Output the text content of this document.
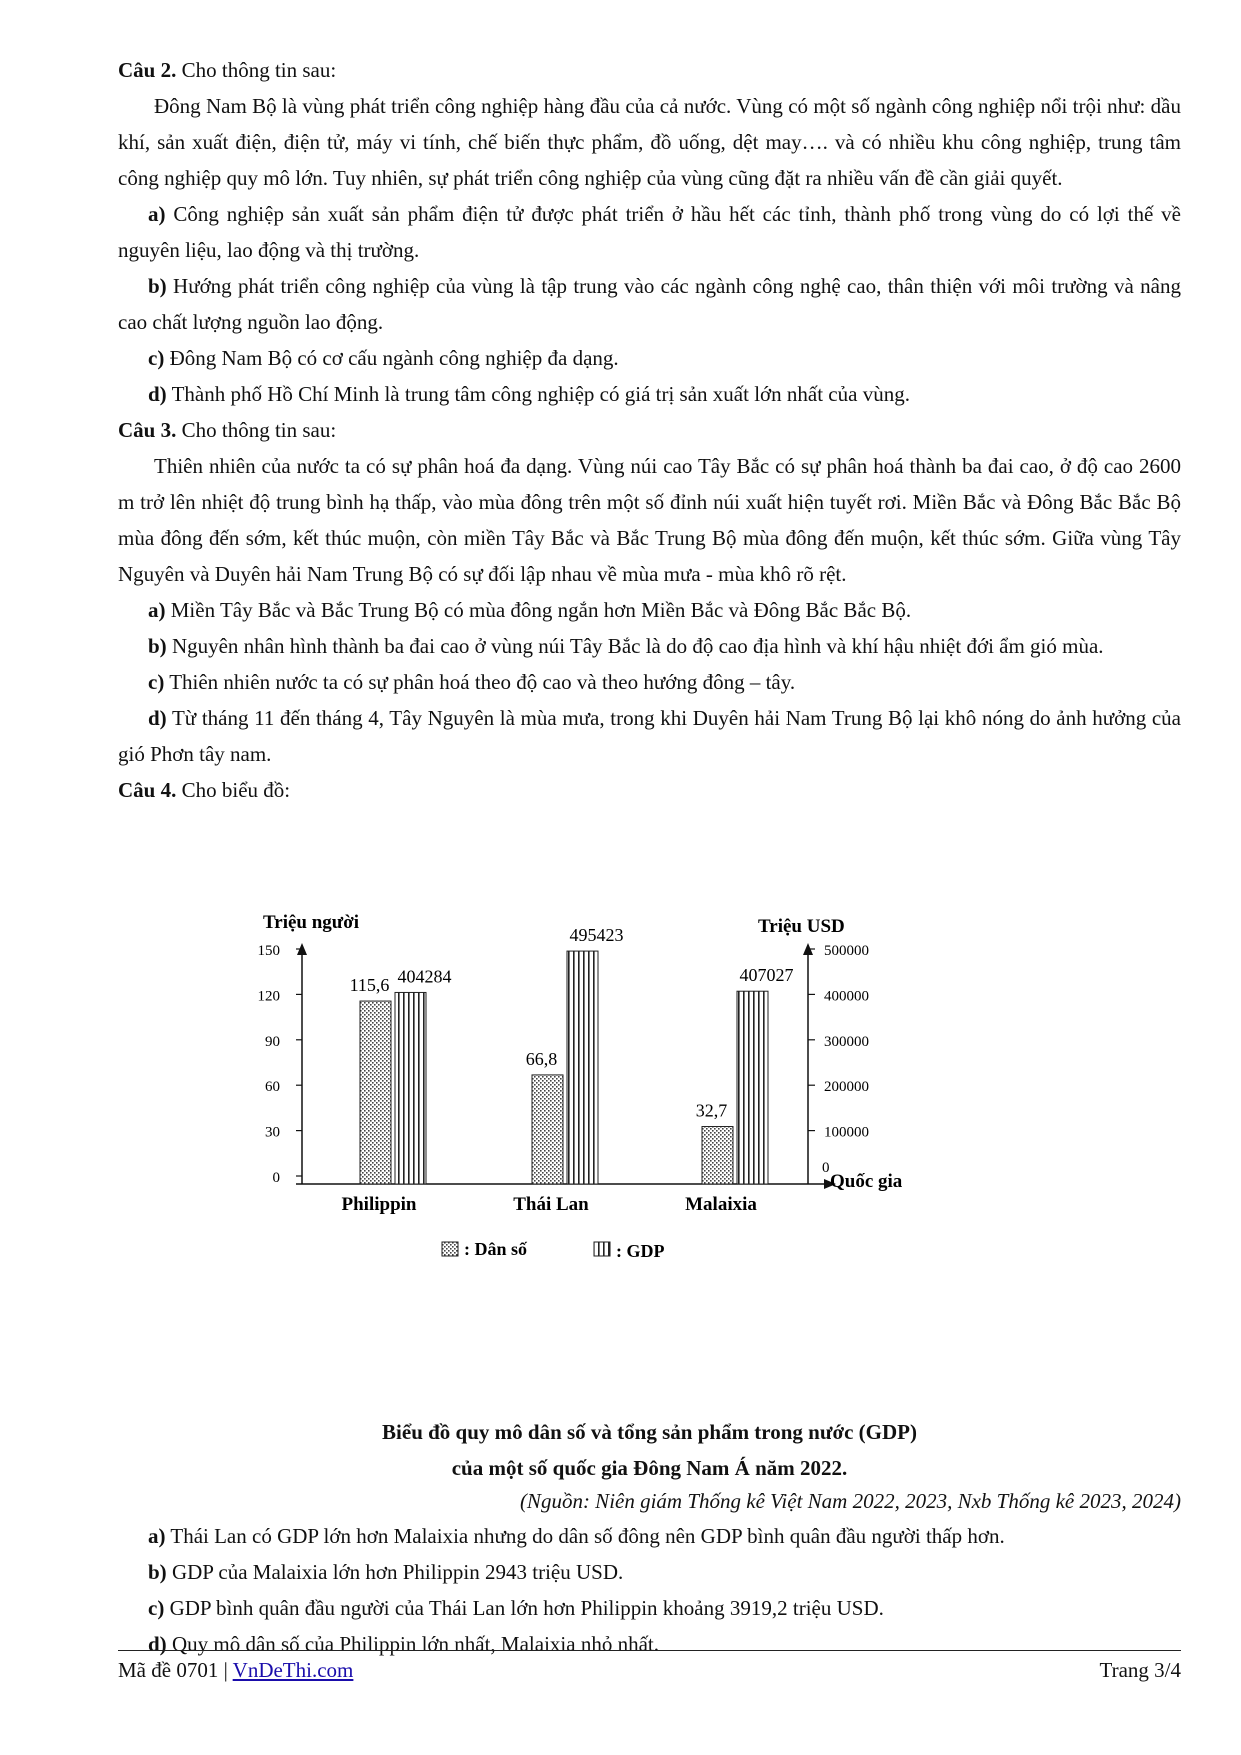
Câu 2. Cho thông tin sau:

Đông Nam Bộ là vùng phát triển công nghiệp hàng đầu của cả nước. Vùng có một số ngành công nghiệp nổi trội như: dầu khí, sản xuất điện, điện tử, máy vi tính, chế biến thực phẩm, đồ uống, dệt may…. và có nhiều khu công nghiệp, trung tâm công nghiệp quy mô lớn. Tuy nhiên, sự phát triển công nghiệp của vùng cũng đặt ra nhiều vấn đề cần giải quyết.

a) Công nghiệp sản xuất sản phẩm điện tử được phát triển ở hầu hết các tỉnh, thành phố trong vùng do có lợi thế về nguyên liệu, lao động và thị trường.

b) Hướng phát triển công nghiệp của vùng là tập trung vào các ngành công nghệ cao, thân thiện với môi trường và nâng cao chất lượng nguồn lao động.

c) Đông Nam Bộ có cơ cấu ngành công nghiệp đa dạng.

d) Thành phố Hồ Chí Minh là trung tâm công nghiệp có giá trị sản xuất lớn nhất của vùng.

Câu 3. Cho thông tin sau:

Thiên nhiên của nước ta có sự phân hoá đa dạng. Vùng núi cao Tây Bắc có sự phân hoá thành ba đai cao, ở độ cao 2600 m trở lên nhiệt độ trung bình hạ thấp, vào mùa đông trên một số đỉnh núi xuất hiện tuyết rơi. Miền Bắc và Đông Bắc Bắc Bộ mùa đông đến sớm, kết thúc muộn, còn miền Tây Bắc và Bắc Trung Bộ mùa đông đến muộn, kết thúc sớm. Giữa vùng Tây Nguyên và Duyên hải Nam Trung Bộ có sự đối lập nhau về mùa mưa - mùa khô rõ rệt.

a) Miền Tây Bắc và Bắc Trung Bộ có mùa đông ngắn hơn Miền Bắc và Đông Bắc Bắc Bộ.

b) Nguyên nhân hình thành ba đai cao ở vùng núi Tây Bắc là do độ cao địa hình và khí hậu nhiệt đới ẩm gió mùa.

c) Thiên nhiên nước ta có sự phân hoá theo độ cao và theo hướng đông – tây.

d) Từ tháng 11 đến tháng 4, Tây Nguyên là mùa mưa, trong khi Duyên hải Nam Trung Bộ lại khô nóng do ảnh hưởng của gió Phơn tây nam.

Câu 4. Cho biểu đồ:

Triệu người	Triệu USD
Quốc gia
0
30
60
90
120
150
0
100000
200000
300000
400000
500000
115,6 404284
Philippin
66,8
495423
Thái Lan
32,7
407027
Malaixia
: Dân số	: GDP

Biểu đồ quy mô dân số và tổng sản phẩm trong nước (GDP)

của một số quốc gia Đông Nam Á năm 2022.

(Nguồn: Niên giám Thống kê Việt Nam 2022, 2023, Nxb Thống kê 2023, 2024)

a) Thái Lan có GDP lớn hơn Malaixia nhưng do dân số đông nên GDP bình quân đầu người thấp hơn.

b) GDP của Malaixia lớn hơn Philippin 2943 triệu USD.

c) GDP bình quân đầu người của Thái Lan lớn hơn Philippin khoảng 3919,2 triệu USD.

d) Quy mô dân số của Philippin lớn nhất, Malaixia nhỏ nhất.

Mã đề 0701 | VnDeThi.com	Trang 3/4
